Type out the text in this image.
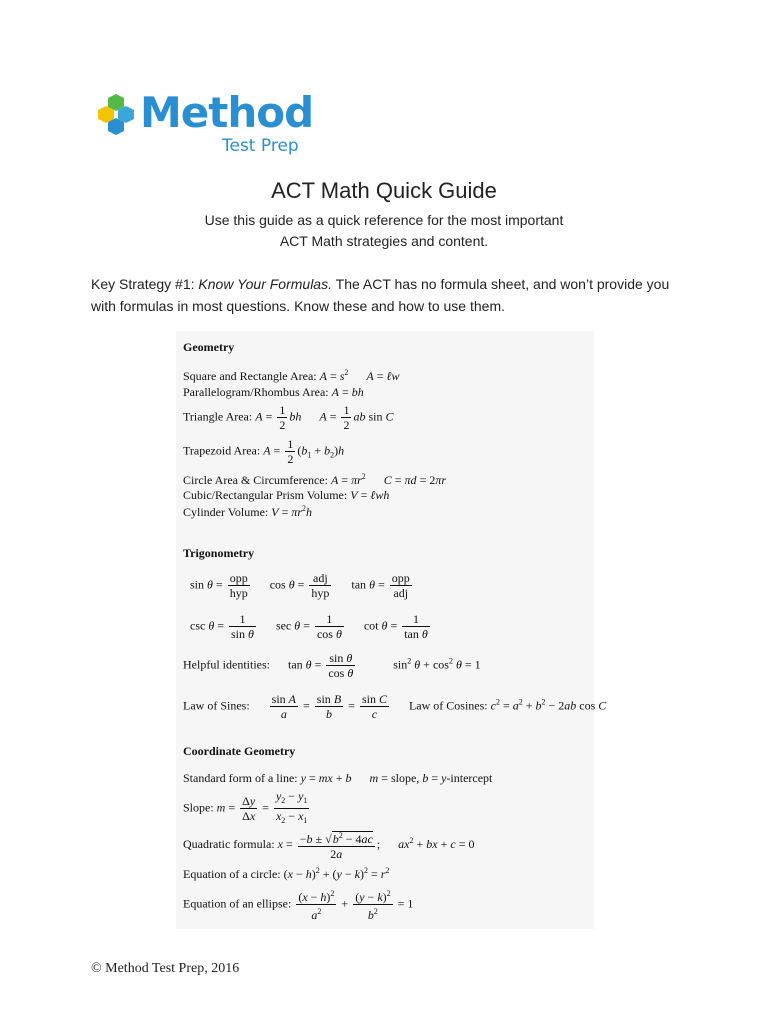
Method
Test Prep
ACT Math Quick Guide
Use this guide as a quick reference for the most important
ACT Math strategies and content.
Key Strategy #1: Know Your Formulas. The ACT has no formula sheet, and won’t provide you with formulas in most questions. Know these and how to use them.
Geometry
Square and Rectangle Area: $A = s^2$ A = ℓw
Parallelogram/Rhombus Area: A = bh
Triangle Area: $A = \frac{1}{2}$ bh $A = \frac{1}{2}$ ab sin C
Trapezoid Area: $A = \frac{1}{2} (b_1 + b_2)h$
Circle Area & Circumference: $A = \pi r^2$ C = πd = 2πr
Cubic/Rectangular Prism Volume: V = ℓwh
Cylinder Volume: $V = \pi r^2h$
Trigonometry
$\sin \theta = \frac{\text{opp}}{\text{hyp}}$ $\cos \theta = \frac{\text{adj}}{\text{hyp}}$ $\tan \theta = \frac{\text{opp}}{\text{adj}}$
$\csc \theta = \frac{1}{\text{sin θ}}$ $\sec \theta = \frac{1}{\text{cos θ}}$ $\cot \theta = \frac{1}{\text{tan θ}}$
Helpful identities: $\tan \theta = \frac{\text{sin θ}}{\text{cos θ}}$	$\sin^2 \theta + \cos^2 \theta = 1$
Law of Sines: $\frac{\text{sin A}}{a} = \frac{\text{sin B}}{b} = \frac{\text{sin C}}{c}$ Law of Cosines: $c^2 = a^2 + b^2 - 2ab$ cos C
Coordinate Geometry
Standard form of a line: y = mx + b m = slope, b = y-intercept
Slope: $m = \frac{\Delta y}{\Delta x} = \frac{y_2 - y_1}{x_2 - x_1}$
Quadratic formula: $x = \frac{-b \pm √b^2 - 4ac}{2a}$ ; $ax^2$ + bx + c = 0
Equation of a circle: $(x - h)^2 + (y - k)^2 = r^2$
Equation of an ellipse: $\frac{(x - h)^2}{a^2} + \frac{(y - k)^2}{b^2} = 1$
© Method Test Prep, 2016
